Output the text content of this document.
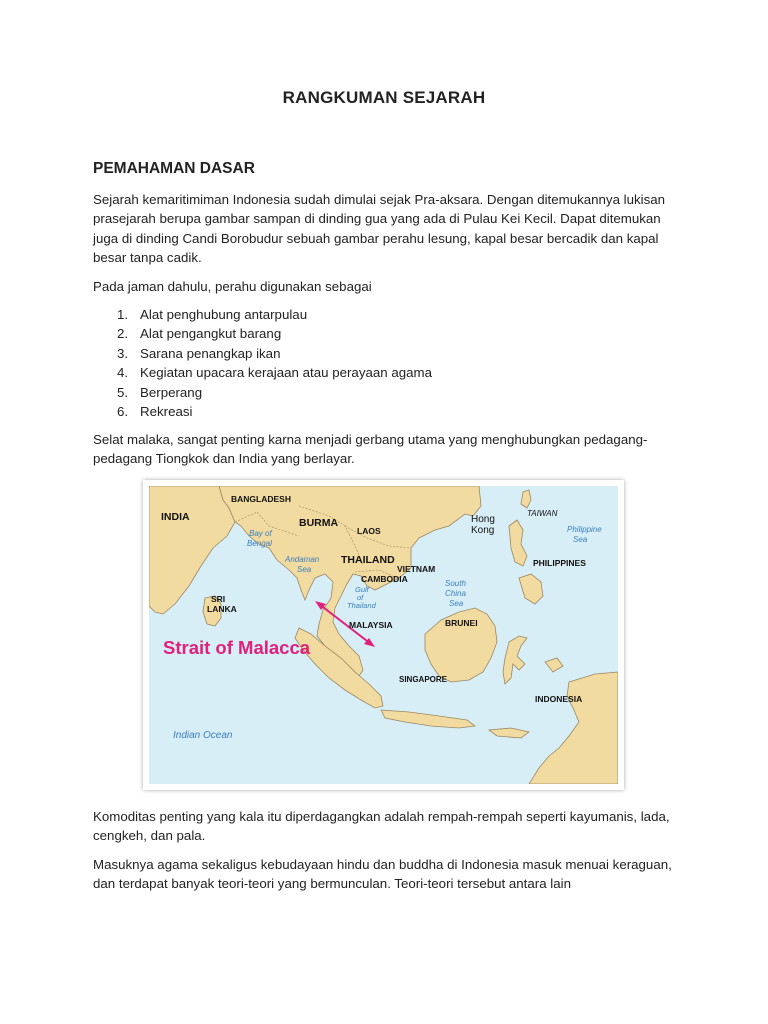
RANGKUMAN SEJARAH
PEMAHAMAN DASAR
Sejarah kemaritimiman Indonesia sudah dimulai sejak Pra-aksara. Dengan ditemukannya lukisan prasejarah berupa gambar sampan di dinding gua yang ada di Pulau Kei Kecil. Dapat ditemukan juga di dinding Candi Borobudur sebuah gambar perahu lesung, kapal besar bercadik dan kapal besar tanpa cadik.
Pada jaman dahulu, perahu digunakan sebagai
1. Alat penghubung antarpulau
2. Alat pengangkut barang
3. Sarana penangkap ikan
4. Kegiatan upacara kerajaan atau perayaan agama
5. Berperang
6. Rekreasi
Selat malaka, sangat penting karna menjadi gerbang utama yang menghubungkan pedagang-pedagang Tiongkok dan India yang berlayar.
INDIA
BANGLADESH
BURMA
LAOS
THAILAND
VIETNAM
CAMBODIA
Hong
Kong
TAIWAN
PHILIPPINES
SRI
LANKA
MALAYSIA	BRUNEI
SINGAPORE
INDONESIA
Bay of
Bengal
Andaman
Sea
Gulf
of
Thailand
South
China
Sea
Philippine
Sea
Indian Ocean
Strait of Malacca
Komoditas penting yang kala itu diperdagangkan adalah rempah-rempah seperti kayumanis, lada, cengkeh, dan pala.
Masuknya agama sekaligus kebudayaan hindu dan buddha di Indonesia masuk menuai keraguan, dan terdapat banyak teori-teori yang bermunculan. Teori-teori tersebut antara lain
